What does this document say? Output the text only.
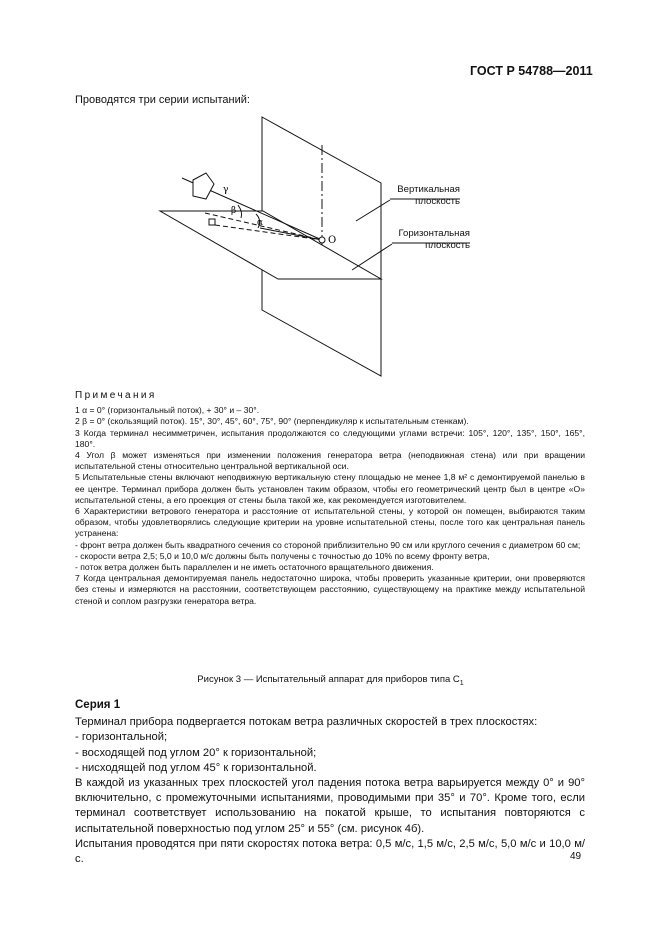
ГОСТ Р 54788—2011
Проводятся три серии испытаний:
γ
β
α
O
Вертикальная
плоскость
Горизонтальная
плоскость
Примечания

1 α = 0° (горизонтальный поток), + 30° и – 30°.

2 β = 0° (скользящий поток). 15°, 30°, 45°, 60°, 75°, 90° (перпендикуляр к испытательным стенкам).

3 Когда терминал несимметричен, испытания продолжаются со следующими углами встречи: 105°, 120°, 135°, 150°, 165°, 180°.

4 Угол β может изменяться при изменении положения генератора ветра (неподвижная стена) или при вращении испытательной стены относительно центральной вертикальной оси.

5 Испытательные стены включают неподвижную вертикальную стену площадью не менее 1,8 м² с демонтируемой панелью в ее центре. Терминал прибора должен быть установлен таким образом, чтобы его геометрический центр был в центре «О» испытательной стены, а его проекция от стены была такой же, как рекомендуется изготовителем.

6 Характеристики ветрового генератора и расстояние от испытательной стены, у которой он помещен, выбираются таким образом, чтобы удовлетворялись следующие критерии на уровне испытательной стены, после того как центральная панель устранена:

- фронт ветра должен быть квадратного сечения со стороной приблизительно 90 см или круглого сечения с диаметром 60 см;

- скорости ветра 2,5; 5,0 и 10,0 м/с должны быть получены с точностью до 10% по всему фронту ветра,

- поток ветра должен быть параллелен и не иметь остаточного вращательного движения.

7 Когда центральная демонтируемая панель недостаточно широка, чтобы проверить указанные критерии, они проверяются без стены и измеряются на расстоянии, соответствующем расстоянию, существующему на практике между испытательной стеной и соплом разгрузки генератора ветра.

Рисунок 3 — Испытательный аппарат для приборов типа $С_1$
Серия 1

Терминал прибора подвергается потокам ветра различных скоростей в трех плоскостях:

- горизонтальной;

- восходящей под углом 20° к горизонтальной;

- нисходящей под углом 45° к горизонтальной.

В каждой из указанных трех плоскостей угол падения потока ветра варьируется между 0° и 90° включительно, с промежуточными испытаниями, проводимыми при 35° и 70°. Кроме того, если терминал соответствует использованию на покатой крыше, то испытания повторяются с испытательной поверхностью под углом 25° и 55° (см. рисунок 4б).

Испытания проводятся при пяти скоростях потока ветра: 0,5 м/с, 1,5 м/с, 2,5 м/с, 5,0 м/с и 10,0 м/с.	49
